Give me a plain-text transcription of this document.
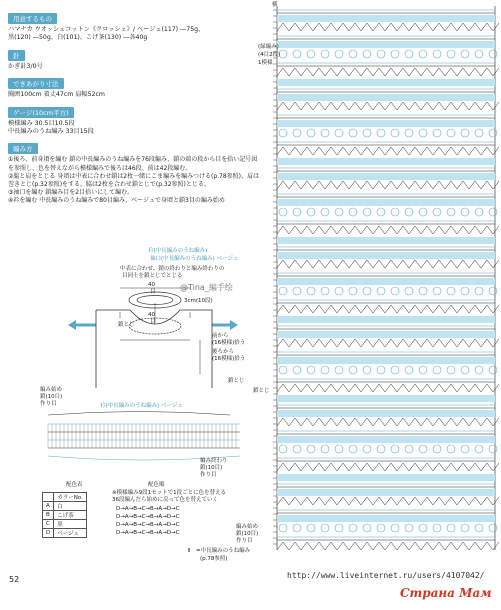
用意するもの
ハマナカ ウオッシュコットン《クロッシェ》/ ベージュ(117) ―75g、
黒(120) ―50g、白(101)、こげ茶(130) ―各40g
針
かぎ針3/0号
できあがり寸法
胸囲100cm 着丈47cm 肩幅52cm
ゲージ(10cm平方)
模様編み 30.5目10.5段
中長編みのうね編み 33目15段
編み方
①後ろ、前身頃を編む 鎖の中長編みのうね編みを76段編み、鎖の端の段から目を拾い記号図を参照し、色を替えながら模様編みで後ろは46段、前は42段編む。
②脇と肩をとじる 身頃は中表に合わせ鎖は2枚一緒にこま編みを編みつける(p.78参照)。肩は巻きとじ(p.32参照)をする。脇は2枚を合わせ鎖とじで(p.32参照)とじる。
③袖口を編む 鎖編み目を2目拾いにして編む。
④衿を編む 中長編みのうね編みで80目編み、ベージュで身頃と鎖3目の編み始め
衿(中長編みのうね編み)
袖口(中長編みのうね編み) ベージュ
中表に合わせ、鎖の終わりと編み終わりの
目同士を鎖とじでとじる
40
目
3cm(10段)
40
目
鎖とじ
前から
(16模様)拾う
後ろから
(16模様)拾う
鎖とじ
@Tina_編手绘
衿(中長編みのうね編み) ベージュ
編み始め
鎖(10目)
作り目
編み終わり
鎖(10目)
作り目
配色表
	カラーNo.
A	白
B	こげ茶
C	黒
D	ベージュ
配色順
※模様編み9段1セットで1段ごとに色を替える
36段編んだら始めに戻って色を替えていく
D→A→B→C→B→A→D→C
D→A→B→C→B→A→D→C
D→A→B→C→B→A→D→C
D→A→B→C→B→A→D→C
Ⅰ =中長編みのうね編み
(p.78参照)
52
横
(緑編み)
(4目2段)
1模様
鎖とじ
編み始め
鎖(10目)
作り目
http://www.liveinternet.ru/users/4107042/
Страна Мам
